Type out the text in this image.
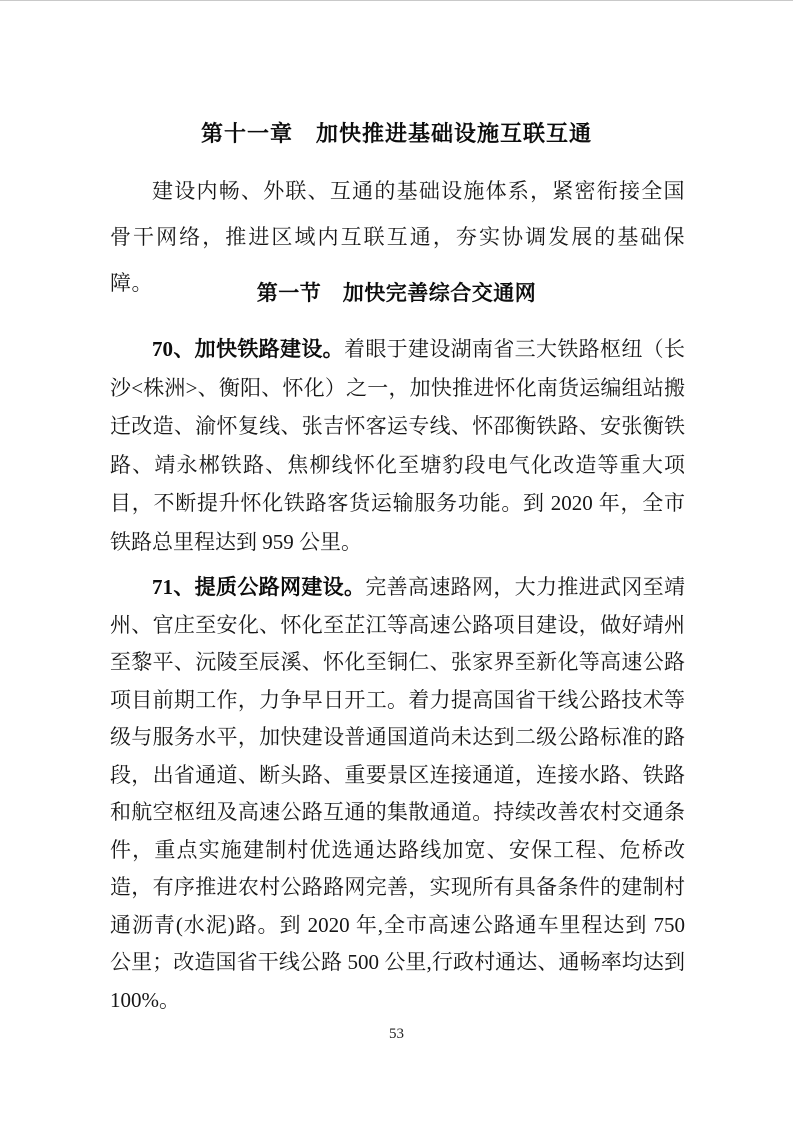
第十一章　加快推进基础设施互联互通

建设内畅、外联、互通的基础设施体系，紧密衔接全国骨干网络，推进区域内互联互通，夯实协调发展的基础保障。	第一节　加快完善综合交通网

70、加快铁路建设。着眼于建设湖南省三大铁路枢纽（长沙<株洲>、衡阳、怀化）之一，加快推进怀化南货运编组站搬迁改造、渝怀复线、张吉怀客运专线、怀邵衡铁路、安张衡铁路、靖永郴铁路、焦柳线怀化至塘豹段电气化改造等重大项目，不断提升怀化铁路客货运输服务功能。到 2020 年，全市铁路总里程达到 959 公里。

71、提质公路网建设。完善高速路网，大力推进武冈至靖州、官庄至安化、怀化至芷江等高速公路项目建设，做好靖州至黎平、沅陵至辰溪、怀化至铜仁、张家界至新化等高速公路项目前期工作，力争早日开工。着力提高国省干线公路技术等级与服务水平，加快建设普通国道尚未达到二级公路标准的路段，出省通道、断头路、重要景区连接通道，连接水路、铁路和航空枢纽及高速公路互通的集散通道。持续改善农村交通条件，重点实施建制村优选通达路线加宽、安保工程、危桥改造，有序推进农村公路路网完善，实现所有具备条件的建制村通沥青(水泥)路。到 2020 年,全市高速公路通车里程达到 750 公里；改造国省干线公路 500 公里,行政村通达、通畅率均达到 100%。

53
